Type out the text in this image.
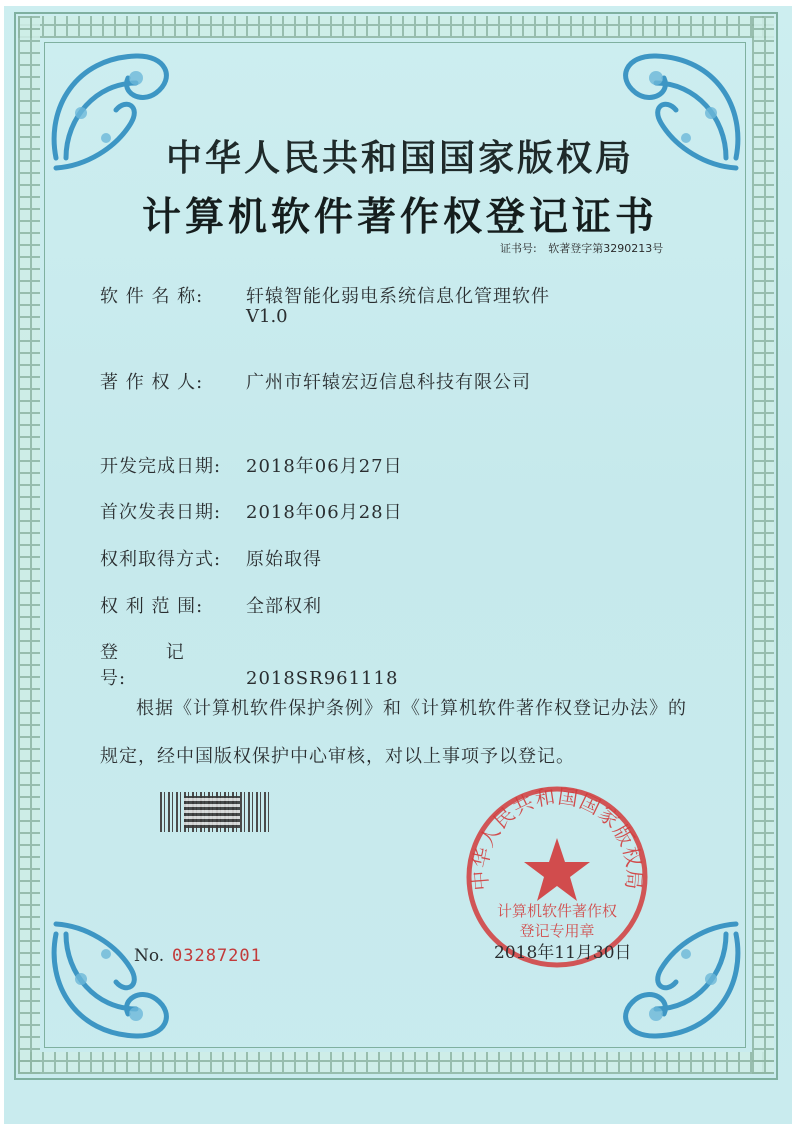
中华人民共和国国家版权局
计算机软件著作权登记证书
证书号: 软著登字第3290213号
软 件 名 称: 轩辕智能化弱电系统信息化管理软件
V1.0
著 作 权 人: 广州市轩辕宏迈信息科技有限公司
开发完成日期: 2018年06月27日
首次发表日期: 2018年06月28日
权利取得方式: 原始取得
权 利 范 围: 全部权利
登 记 号:	2018SR961118
根据《计算机软件保护条例》和《计算机软件著作权登记办法》的
规定，经中国版权保护中心审核，对以上事项予以登记。
中华人民共和国国家版权局
计算机软件著作权
登记专用章
No. 03287201	2018年11月30日
